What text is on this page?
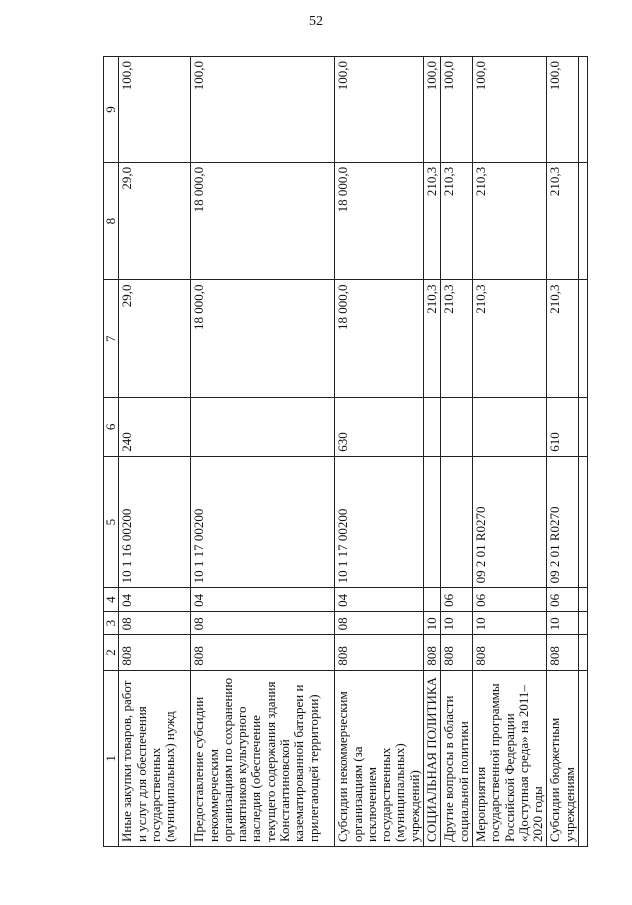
52
1	2	3	4	5	6	7	8	9
Иные закупки товаров, работ и услуг для обеспечения государственных (муниципальных) нужд	808	08	04	10 1 16 00200	240	29,0	29,0	100,0
Предоставление субсидии некоммерческим организациям по сохранению памятников культурного наследия (обеспечение текущего содержания здания Константиновской казематированной батареи и прилегающей территории)	808	08	04	10 1 17 00200		18 000,0	18 000,0	100,0
Субсидии некоммерческим организациям (за исключением государственных (муниципальных) учреждений)	808	08	04	10 1 17 00200	630	18 000,0	18 000,0	100,0
СОЦИАЛЬНАЯ ПОЛИТИКА	808	10				210,3	210,3	100,0
Другие вопросы в области социальной политики	808	10	06			210,3	210,3	100,0
Мероприятия государственной программы Российской Федерации «Доступная среда» на 2011–2020 годы	808	10	06	09 2 01 R0270		210,3	210,3	100,0
Субсидии бюджетным учреждениям	808	10	06	09 2 01 R0270	610	210,3	210,3	100,0
